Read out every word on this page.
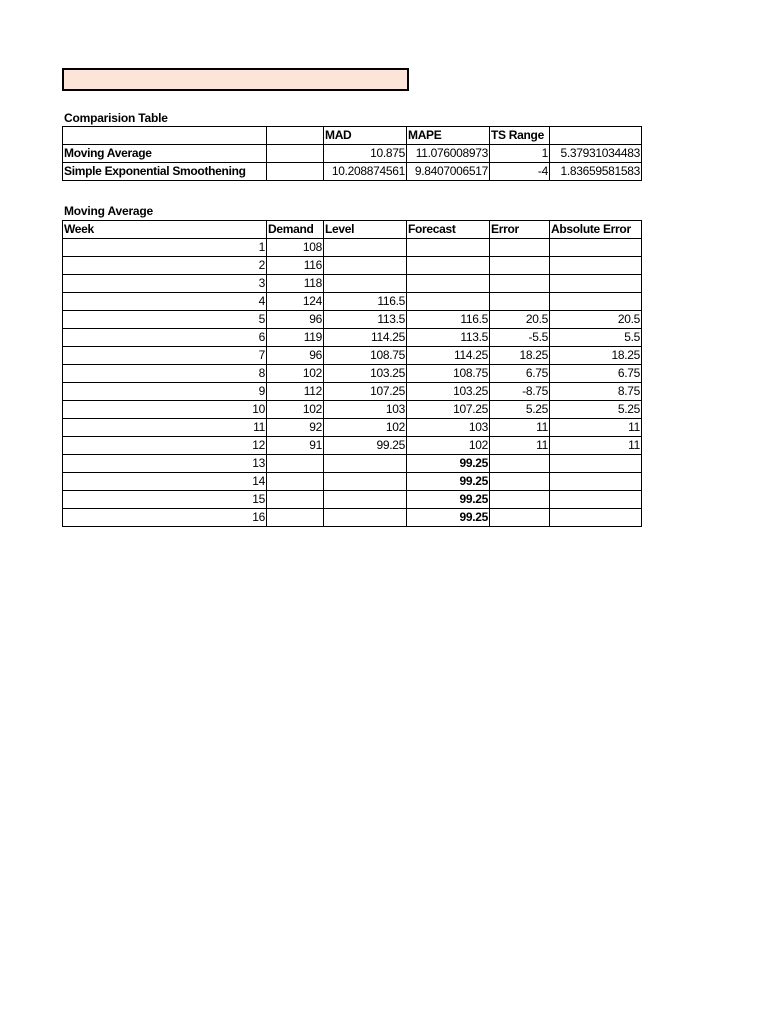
Comparision Table
		MAD	MAPE	TS Range	
Moving Average		10.875	11.076008973	1	5.37931034483
Simple Exponential Smoothening		10.208874561	9.8407006517	-4	1.83659581583
Moving Average
Week	Demand	Level	Forecast	Error	Absolute Error
1	108				
2	116				
3	118				
4	124	116.5			
5	96	113.5	116.5	20.5	20.5
6	119	114.25	113.5	-5.5	5.5
7	96	108.75	114.25	18.25	18.25
8	102	103.25	108.75	6.75	6.75
9	112	107.25	103.25	-8.75	8.75
10	102	103	107.25	5.25	5.25
11	92	102	103	11	11
12	91	99.25	102	11	11
13			99.25		
14			99.25		
15			99.25		
16			99.25		
